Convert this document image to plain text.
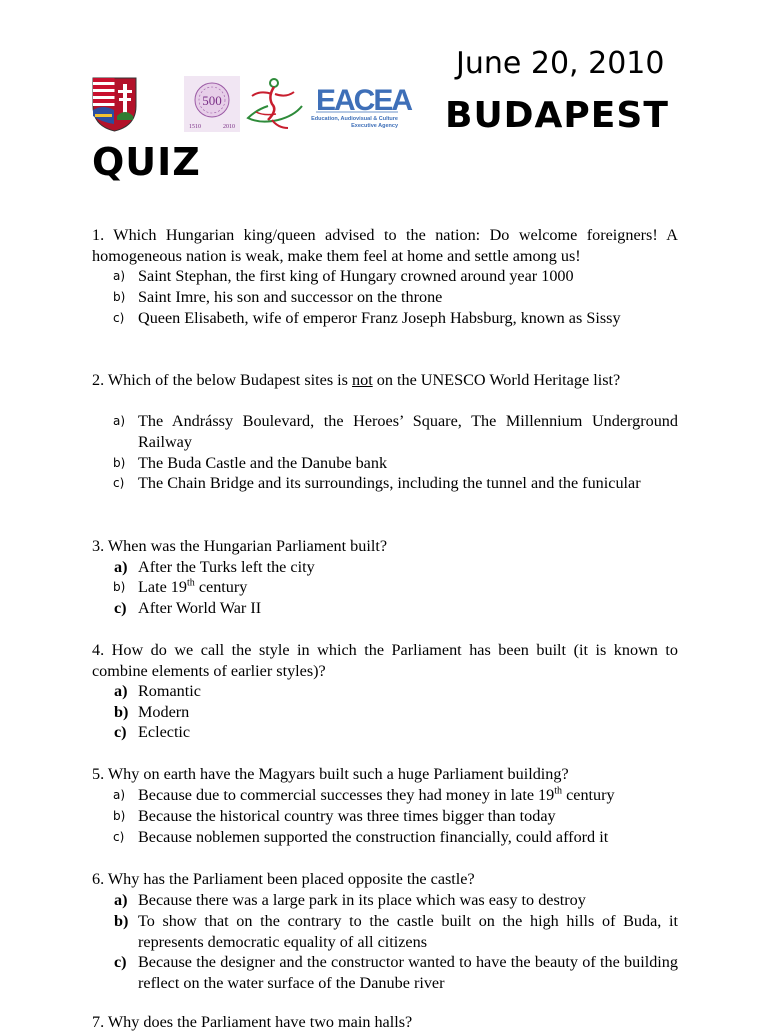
500
1510	2010
EACEA
Education, Audiovisual & Culture
Executive Agency
June 20, 2010
BUDAPEST
QUIZ
1. Which Hungarian king/queen advised to the nation: Do welcome foreigners! A homogeneous nation is weak, make them feel at home and settle among us!
a) Saint Stephan, the first king of Hungary crowned around year 1000
b) Saint Imre, his son and successor on the throne
c) Queen Elisabeth, wife of emperor Franz Joseph Habsburg, known as Sissy
2. Which of the below Budapest sites is not on the UNESCO World Heritage list?
a) The Andrássy Boulevard, the Heroes’ Square, The Millennium Underground Railway
b) The Buda Castle and the Danube bank
c) The Chain Bridge and its surroundings, including the tunnel and the funicular
3. When was the Hungarian Parliament built?
a) After the Turks left the city
b) Late 19th century
c) After World War II
4. How do we call the style in which the Parliament has been built (it is known to combine elements of earlier styles)?
a) Romantic
b) Modern
c) Eclectic
5. Why on earth have the Magyars built such a huge Parliament building?
a) Because due to commercial successes they had money in late 19th century
b) Because the historical country was three times bigger than today
c) Because noblemen supported the construction financially, could afford it
6. Why has the Parliament been placed opposite the castle?
a) Because there was a large park in its place which was easy to destroy
b) To show that on the contrary to the castle built on the high hills of Buda, it represents democratic equality of all citizens
c) Because the designer and the constructor wanted to have the beauty of the building reflect on the water surface of the Danube river
7. Why does the Parliament have two main halls?
